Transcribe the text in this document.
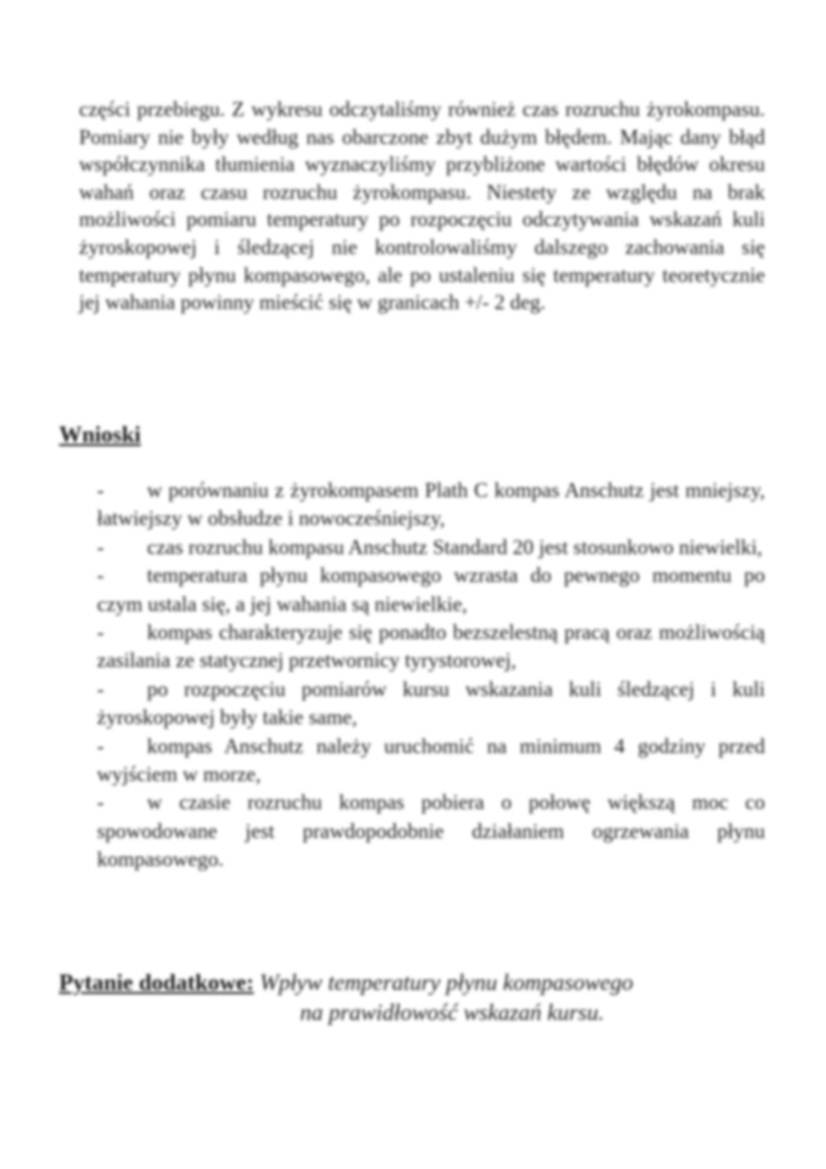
części przebiegu. Z wykresu odczytaliśmy również czas rozruchu żyrokompasu. Pomiary nie były według nas obarczone zbyt dużym błędem. Mając dany błąd współczynnika tłumienia wyznaczyliśmy przybliżone wartości błędów okresu wahań oraz czasu rozruchu żyrokompasu. Niestety ze względu na brak możliwości pomiaru temperatury po rozpoczęciu odczytywania wskazań kuli żyroskopowej i śledzącej nie kontrolowaliśmy dalszego zachowania się temperatury płynu kompasowego, ale po ustaleniu się temperatury teoretycznie jej wahania powinny mieścić się w granicach +/- 2 deg.

Wnioski
- w porównaniu z żyrokompasem Plath C kompas Anschutz jest mniejszy, łatwiejszy w obsłudze i nowocześniejszy,
- czas rozruchu kompasu Anschutz Standard 20 jest stosunkowo niewielki,
- temperatura płynu kompasowego wzrasta do pewnego momentu po czym ustala się, a jej wahania są niewielkie,
- kompas charakteryzuje się ponadto bezszelestną pracą oraz możliwością zasilania ze statycznej przetwornicy tyrystorowej,
- po rozpoczęciu pomiarów kursu wskazania kuli śledzącej i kuli żyroskopowej były takie same,
- kompas Anschutz należy uruchomić na minimum 4 godziny przed wyjściem w morze,
- w czasie rozruchu kompas pobiera o połowę większą moc co spowodowane jest prawdopodobnie działaniem ogrzewania płynu kompasowego.
Pytanie dodatkowe: Wpływ temperatury płynu kompasowego
na prawidłowość wskazań kursu.
